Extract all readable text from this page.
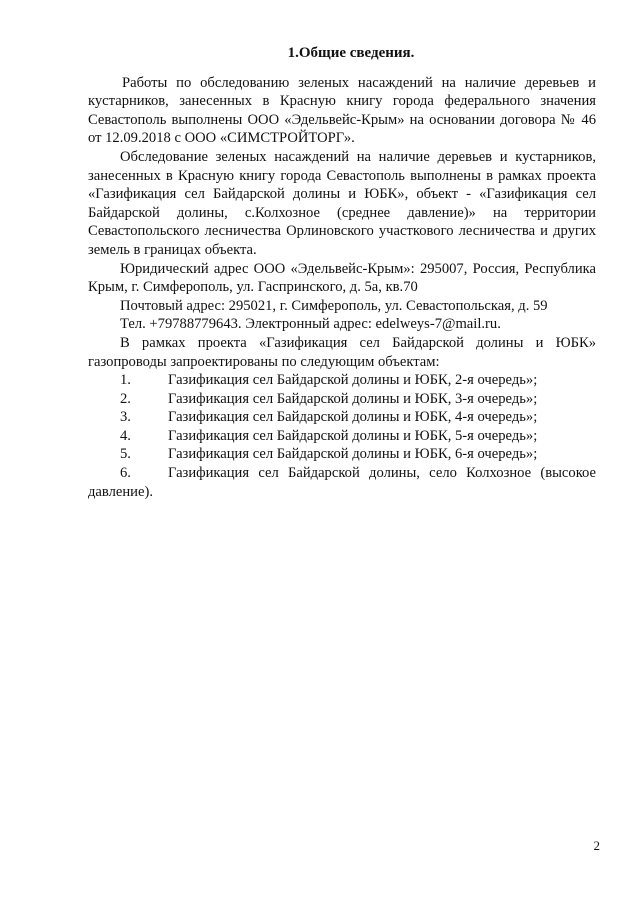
1.Общие сведения.

Работы по обследованию зеленых насаждений на наличие деревьев и кустарников, занесенных в Красную книгу города федерального значения Севастополь выполнены ООО «Эдельвейс-Крым» на основании договора № 46 от 12.09.2018 с ООО «СИМСТРОЙТОРГ».

Обследование зеленых насаждений на наличие деревьев и кустарников, занесенных в Красную книгу города Севастополь выполнены в рамках проекта «Газификация сел Байдарской долины и ЮБК», объект - «Газификация сел Байдарской долины, с.Колхозное (среднее давление)» на территории Севастопольского лесничества Орлиновского участкового лесничества и других земель в границах объекта.

Юридический адрес ООО «Эдельвейс-Крым»: 295007, Россия, Республика Крым, г. Симферополь, ул. Гаспринского, д. 5а, кв.70

Почтовый адрес: 295021, г. Симферополь, ул. Севастопольская, д. 59

Тел. +79788779643. Электронный адрес: edelweys-7@mail.ru.

В рамках проекта «Газификация сел Байдарской долины и ЮБК» газопроводы запроектированы по следующим объектам:

1.	Газификация сел Байдарской долины и ЮБК, 2-я очередь»;
2.	Газификация сел Байдарской долины и ЮБК, 3-я очередь»;
3.	Газификация сел Байдарской долины и ЮБК, 4-я очередь»;
4.	Газификация сел Байдарской долины и ЮБК, 5-я очередь»;
5.	Газификация сел Байдарской долины и ЮБК, 6-я очередь»;
6.	Газификация сел Байдарской долины, село Колхозное (высокое давление).
2
